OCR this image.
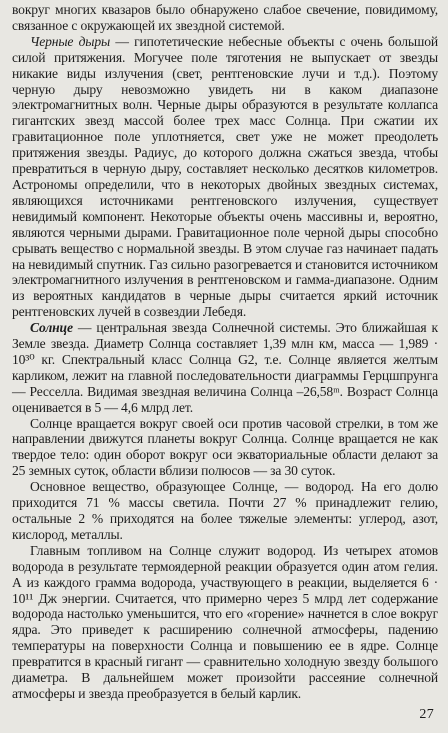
вокруг многих квазаров было обнаружено слабое свечение, повидимому, связанное с окружающей их звездной системой.

Черные дыры — гипотетические небесные объекты с очень большой силой притяжения. Могучее поле тяготения не выпускает от звезды никакие виды излучения (свет, рентгеновские лучи и т.д.). Поэтому черную дыру невозможно увидеть ни в каком диапазоне электромагнитных волн. Черные дыры образуются в результате коллапса гигантских звезд массой более трех масс Солнца. При сжатии их гравитационное поле уплотняется, свет уже не может преодолеть притяжения звезды. Радиус, до которого должна сжаться звезда, чтобы превратиться в черную дыру, составляет несколько десятков километров. Астрономы определили, что в некоторых двойных звездных системах, являющихся источниками рентгеновского излучения, существует невидимый компонент. Некоторые объекты очень массивны и, вероятно, являются черными дырами. Гравитационное поле черной дыры способно срывать вещество с нормальной звезды. В этом случае газ начинает падать на невидимый спутник. Газ сильно разогревается и становится источником электромагнитного излучения в рентгеновском и гамма-диапазоне. Одним из вероятных кандидатов в черные дыры считается яркий источник рентгеновских лучей в созвездии Лебедя.

Солнце — центральная звезда Солнечной системы. Это ближайшая к Земле звезда. Диаметр Солнца составляет 1,39 млн км, масса — 1,989 · 10³⁰ кг. Спектральный класс Солнца G2, т.е. Солнце является желтым карликом, лежит на главной последовательности диаграммы Герцшпрунга — Ресселла. Видимая звездная величина Солнца –26,58ᵐ. Возраст Солнца оценивается в 5 — 4,6 млрд лет.

Солнце вращается вокруг своей оси против часовой стрелки, в том же направлении движутся планеты вокруг Солнца. Солнце вращается не как твердое тело: один оборот вокруг оси экваториальные области делают за 25 земных суток, области вблизи полюсов — за 30 суток.

Основное вещество, образующее Солнце, — водород. На его долю приходится 71 % массы светила. Почти 27 % принадлежит гелию, остальные 2 % приходятся на более тяжелые элементы: углерод, азот, кислород, металлы.

Главным топливом на Солнце служит водород. Из четырех атомов водорода в результате термоядерной реакции образуется один атом гелия. А из каждого грамма водорода, участвующего в реакции, выделяется 6 · 10¹¹ Дж энергии. Считается, что примерно через 5 млрд лет содержание водорода настолько уменьшится, что его «горение» начнется в слое вокруг ядра. Это приведет к расширению солнечной атмосферы, падению температуры на поверхности Солнца и повышению ее в ядре. Солнце превратится в красный гигант — сравнительно холодную звезду большого диаметра. В дальнейшем может произойти рассеяние солнечной атмосферы и звезда преобразуется в белый карлик.

27
